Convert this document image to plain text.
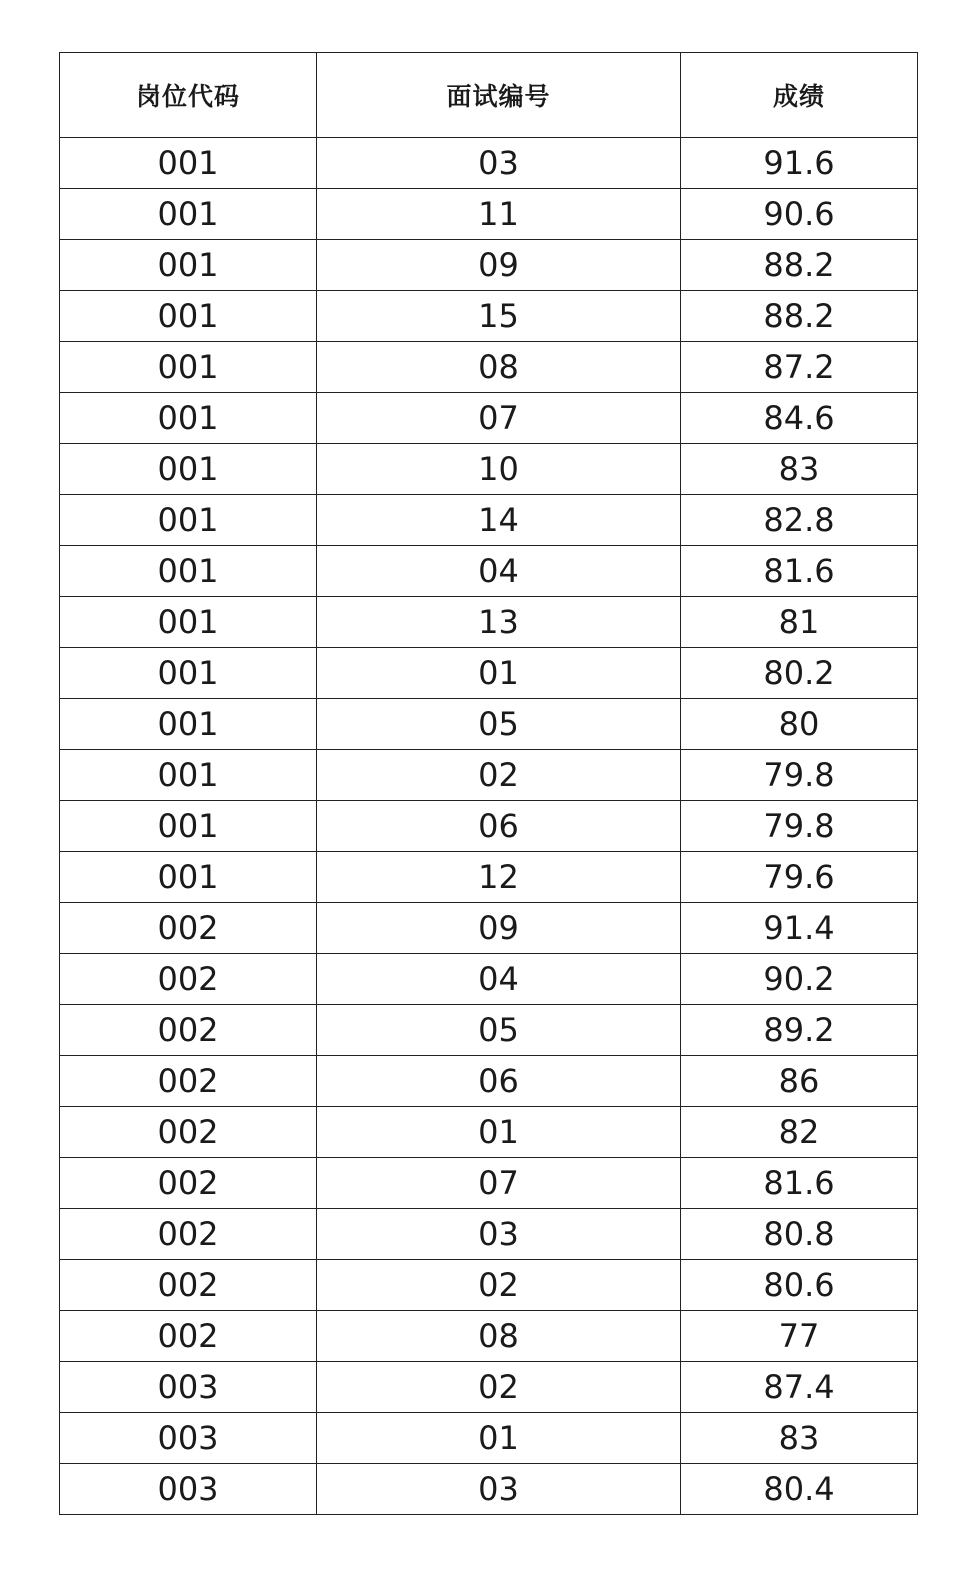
岗位代码	面试编号	成绩
001	03	91.6
001	11	90.6
001	09	88.2
001	15	88.2
001	08	87.2
001	07	84.6
001	10	83
001	14	82.8
001	04	81.6
001	13	81
001	01	80.2
001	05	80
001	02	79.8
001	06	79.8
001	12	79.6
002	09	91.4
002	04	90.2
002	05	89.2
002	06	86
002	01	82
002	07	81.6
002	03	80.8
002	02	80.6
002	08	77
003	02	87.4
003	01	83
003	03	80.4
